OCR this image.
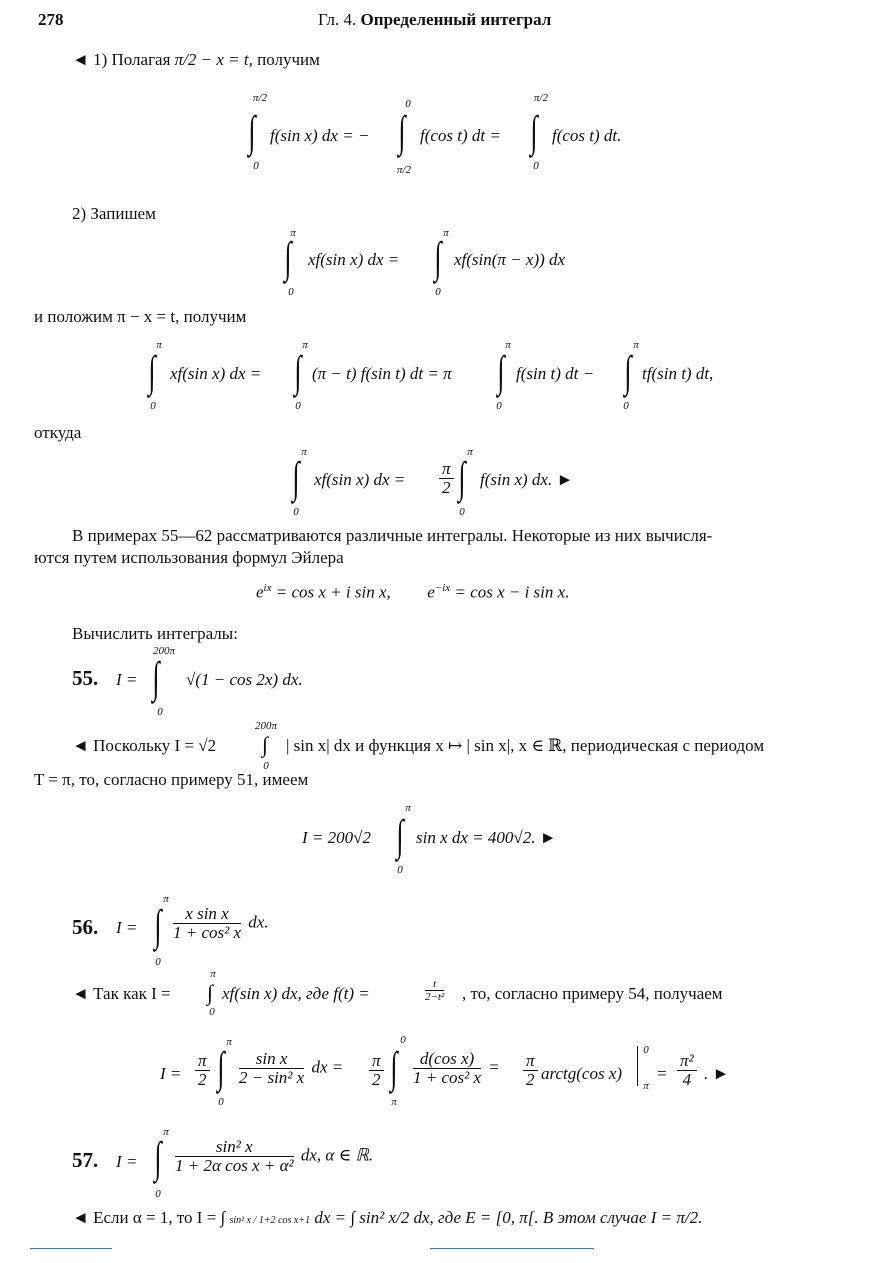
278	Гл. 4. Определенный интеграл
◄ 1) Полагая π/2 − x = t, получим
π/2
∫
0
f(sin x) dx = −
0
∫
π/2
f(cos t) dt =
π/2
∫
0
f(cos t) dt.
2) Запишем
π
∫
0
xf(sin x) dx =
π
∫
0
xf(sin(π − x)) dx
и положим π − x = t, получим
π
∫
0
xf(sin x) dx =
π
∫
0
(π − t) f(sin t) dt = π
π
∫
0
f(sin t) dt −
π
∫
0
tf(sin t) dt,
откуда
π
∫
0
xf(sin x) dx = $\frac{\pi}{2}$
π
∫
0
f(sin x) dx. ►
В примерах 55—62 рассматриваются различные интегралы. Некоторые из них вычисля-
ются путем использования формул Эйлера
$e^{ix} = \cos x + i$ sin x, $e^{-ix} = \cos x - i$ sin x.
Вычислить интегралы:
55. I =
200π
∫
0
√(1 − cos 2x) dx.
◄ Поскольку I = √2
200π
∫
0
| sin x| dx и функция x ↦ | sin x|, x ∈ ℝ, периодическая с периодом
T = π, то, согласно примеру 51, имеем
I = 200√2
π
∫
0
sin x dx = 400√2. ►
56. I =
π
∫
0
$\frac{\text{x sin x}}{\text{1 + cos² x}}$ dx.
◄ Так как I =
π
∫
0
xf(sin x) dx, где f(t) =	$\frac{t}{\text{2−t²}}$ , то, согласно примеру 54, получаем
$I = \frac{\pi}{2}$
π
∫
0
$\frac{\text{sin x}}{\text{2 − sin² x}}$ dx = $\frac{\pi}{2}$
0
∫
π
$\frac{\text{d(cos x)}}{\text{1 + cos² x}} = \frac{\pi}{2}$ arctg(cos x)
0
π
= $\frac{\text{π²}}{4}$ . ►
57. I =
π
∫
0
$\frac{\text{sin² x}}{\text{1 + 2α cos x + α²}}$ dx, α ∈ ℝ.
◄ Если α = 1, то I = ∫ sin² x / 1+2 cos x+1 dx = ∫ sin² x/2 dx, где E = [0, π[. В этом случае I = π/2.
